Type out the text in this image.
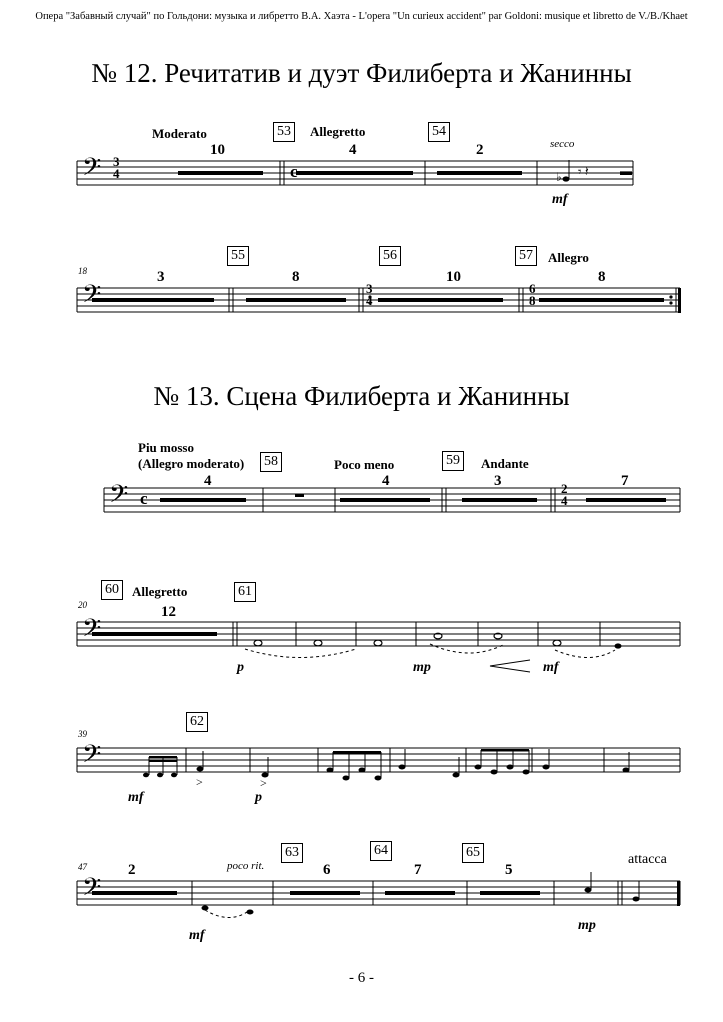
Опера "Забавный случай" по Гольдони: музыка и либретто В.А. Хаэта - L'opera "Un curieux accident" par Goldoni: musique et libretto de V./B./Khaet
№ 12. Речитатив и дуэт Филиберта и Жанинны
№ 13. Сцена Филиберта и Жанинны
𝄢 3
4	c
𝄢	3
4
6
8
𝄢 c
2
4
𝄢
𝄢
𝄢
Moderato	53	Allegretto	54
secco
10	4	2
mf
♭ 𝄾 𝄽	▬
18
55	56	57	Allegro
3	8	10	8
Piu mosso
(Allegro moderato) 58	Poco meno	59	Andante
4	4	3	7
20
60	Allegretto	61
12
p	mp	mf
39
62
mf	p
>	>
47	poco rit.
63	64	65	attacca
2	6	7	5
mf
mp
- 6 -
